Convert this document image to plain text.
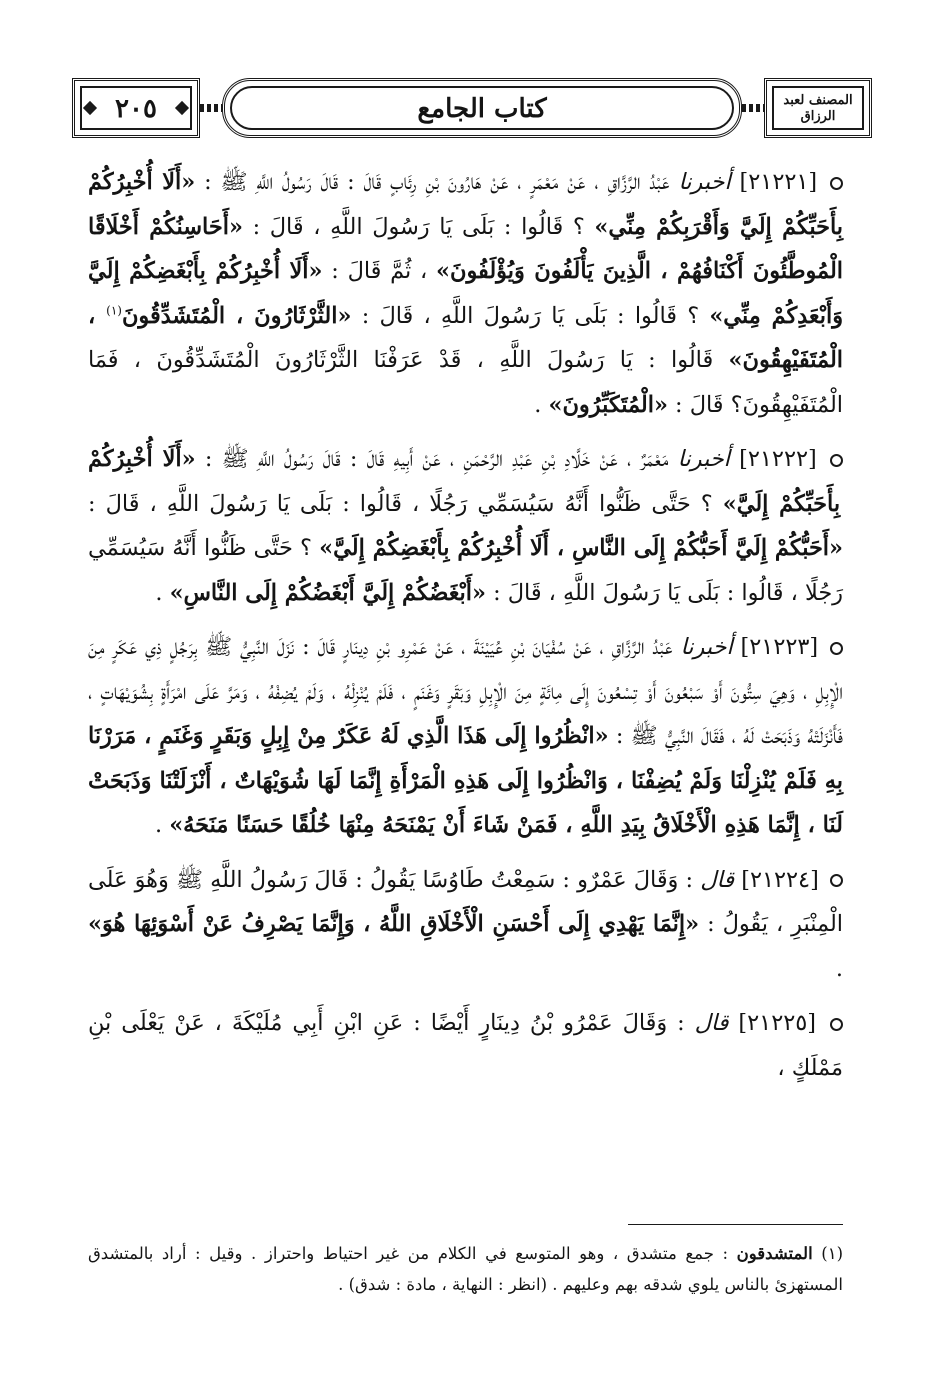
٢٠٥	كتاب الجامع	المصنف لعبد الرزاق

[٢١٢٢١] أخبرنا عَبْدُ الرَّزَّاقِ ، عَنْ مَعْمَرٍ ، عَنْ هَارُونَ بْنِ رِئَابٍ قَالَ : قَالَ رَسُولُ اللَّهِ ﷺ : «أَلَا أُخْبِرُكُمْ بِأَحَبِّكُمْ إِلَيَّ وَأَقْرَبِكُمْ مِنِّي» ؟ قَالُوا : بَلَى يَا رَسُولَ اللَّهِ ، قَالَ : «أَحَاسِنُكُمْ أَخْلَاقًا الْمُوطَّئُونَ أَكْنَافُهُمْ ، الَّذِينَ يَأْلَفُونَ وَيُؤْلَفُونَ» ، ثُمَّ قَالَ : «أَلَا أُخْبِرُكُمْ بِأَبْغَضِكُمْ إِلَيَّ وَأَبْعَدِكُمْ مِنِّي» ؟ قَالُوا : بَلَى يَا رَسُولَ اللَّهِ ، قَالَ : «الثَّرْثَارُونَ ، الْمُتَشَدِّقُونَ$^{(١)}$ ، الْمُتَفَيْهِقُونَ» قَالُوا : يَا رَسُولَ اللَّهِ ، قَدْ عَرَفْنَا الثَّرْثَارُونَ الْمُتَشَدِّقُونَ ، فَمَا الْمُتَفَيْهِقُونَ؟ قَالَ : «الْمُتَكَبِّرُونَ» .

[٢١٢٢٢] أخبرنا مَعْمَرٌ ، عَنْ خَلَّادِ بْنِ عَبْدِ الرَّحْمَنِ ، عَنْ أَبِيهِ قَالَ : قَالَ رَسُولُ اللَّهِ ﷺ : «أَلَا أُخْبِرُكُمْ بِأَحَبِّكُمْ إِلَيَّ» ؟ حَتَّى ظَنُّوا أَنَّهُ سَيُسَمِّي رَجُلًا ، قَالُوا : بَلَى يَا رَسُولَ اللَّهِ ، قَالَ : «أَحَبُّكُمْ إِلَيَّ أَحَبُّكُمْ إِلَى النَّاسِ ، أَلَا أُخْبِرُكُمْ بِأَبْغَضِكُمْ إِلَيَّ» ؟ حَتَّى ظَنُّوا أَنَّهُ سَيُسَمِّي رَجُلًا ، قَالُوا : بَلَى يَا رَسُولَ اللَّهِ ، قَالَ : «أَبْغَضُكُمْ إِلَيَّ أَبْغَضُكُمْ إِلَى النَّاسِ» .

[٢١٢٢٣] أخبرنا عَبْدُ الرَّزَّاقِ ، عَنْ سُفْيَانَ بْنِ عُيَيْنَةَ ، عَنْ عَمْرِو بْنِ دِينَارٍ قَالَ : نَزَلَ النَّبِيُّ ﷺ بِرَجُلٍ ذِي عَكَرٍ مِنَ الْإِبِلِ ، وَهِيَ سِتُّونَ أَوْ سَبْعُونَ أَوْ تِسْعُونَ إِلَى مِائَةٍ مِنَ الْإِبِلِ وَبَقَرٍ وَغَنَمٍ ، فَلَمْ يُنْزِلْهُ ، وَلَمْ يُضِفْهُ ، وَمَرَّ عَلَى امْرَأَةٍ بِشُوَيْهَاتٍ ، فَأَنْزَلَتْهُ وَذَبَحَتْ لَهُ ، فَقَالَ النَّبِيُّ ﷺ : «انْظُرُوا إِلَى هَذَا الَّذِي لَهُ عَكَرٌ مِنْ إِبِلٍ وَبَقَرٍ وَغَنَمٍ ، مَرَرْنَا بِهِ فَلَمْ يُنْزِلْنَا وَلَمْ يُضِفْنَا ، وَانْظُرُوا إِلَى هَذِهِ الْمَرْأَةِ إِنَّمَا لَهَا شُوَيْهَاتٌ ، أَنْزَلَتْنَا وَذَبَحَتْ لَنَا ، إِنَّمَا هَذِهِ الْأَخْلَاقُ بِيَدِ اللَّهِ ، فَمَنْ شَاءَ أَنْ يَمْنَحَهُ مِنْهَا خُلُقًا حَسَنًا مَنَحَهُ» .

[٢١٢٢٤] قال : وَقَالَ عَمْرٌو : سَمِعْتُ طَاوُسًا يَقُولُ : قَالَ رَسُولُ اللَّهِ ﷺ وَهُوَ عَلَى الْمِنْبَرِ ، يَقُولُ : «إِنَّمَا يَهْدِي إِلَى أَحْسَنِ الْأَخْلَاقِ اللَّهُ ، وَإِنَّمَا يَصْرِفُ عَنْ أَسْوَئِهَا هُوَ» .

[٢١٢٢٥] قال : وَقَالَ عَمْرُو بْنُ دِينَارٍ أَيْضًا : عَنِ ابْنِ أَبِي مُلَيْكَةَ ، عَنْ يَعْلَى بْنِ مَمْلَكٍ ،

(١) المتشدقون : جمع متشدق ، وهو المتوسع في الكلام من غير احتياط واحتراز . وقيل : أراد بالمتشدق المستهزئ بالناس يلوي شدقه بهم وعليهم . (انظر : النهاية ، مادة : شدق) .
